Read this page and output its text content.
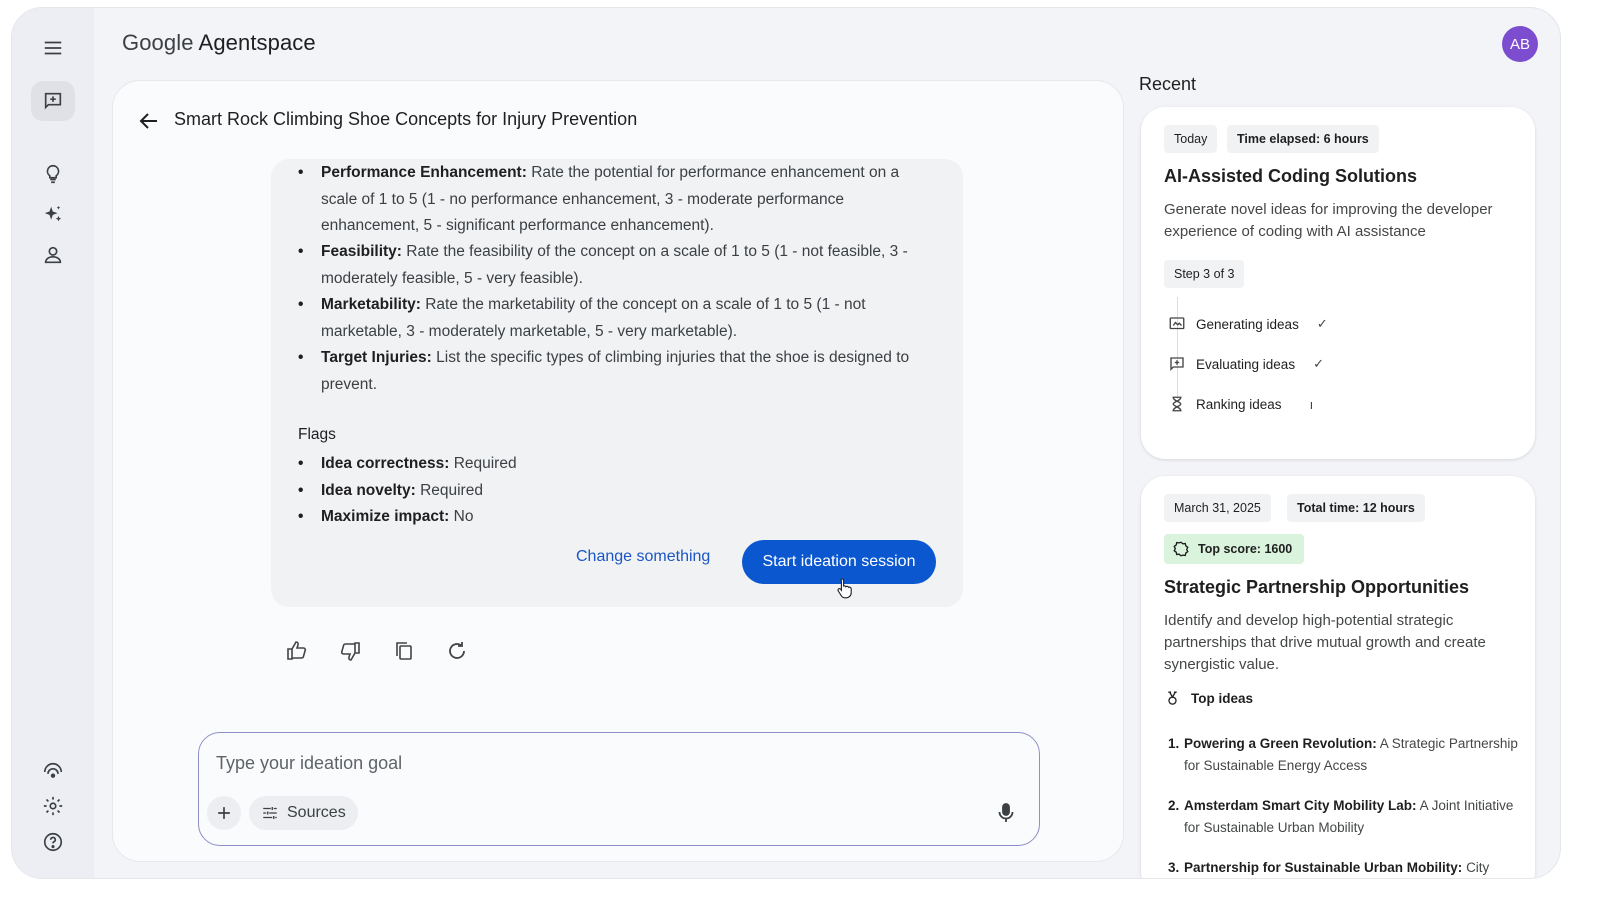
Google Agentspace	AB
Smart Rock Climbing Shoe Concepts for Injury Prevention
•	Performance Enhancement: Rate the potential for performance enhancement on a scale of 1 to 5 (1 - no performance enhancement, 3 - moderate performance enhancement, 5 - significant performance enhancement).
•	Feasibility: Rate the feasibility of the concept on a scale of 1 to 5 (1 - not feasible, 3 - moderately feasible, 5 - very feasible).
•	Marketability: Rate the marketability of the concept on a scale of 1 to 5 (1 - not marketable, 3 - moderately marketable, 5 - very marketable).
•	Target Injuries: List the specific types of climbing injuries that the shoe is designed to prevent.
Flags
•	Idea correctness: Required
•	Idea novelty: Required
•	Maximize impact: No
Change something	Start ideation session
Type your ideation goal
Sources
Recent
Today	Time elapsed: 6 hours
AI-Assisted Coding Solutions
Generate novel ideas for improving the developer experience of coding with AI assistance
Step 3 of 3
Generating ideas ✓
Evaluating ideas ✓
Ranking ideas ı
March 31, 2025	Total time: 12 hours
Top score: 1600
Strategic Partnership Opportunities
Identify and develop high-potential strategic partnerships that drive mutual growth and create synergistic value.
Top ideas
1. Powering a Green Revolution: A Strategic Partnership for Sustainable Energy Access
2. Amsterdam Smart City Mobility Lab: A Joint Initiative for Sustainable Urban Mobility
3. Partnership for Sustainable Urban Mobility: City
